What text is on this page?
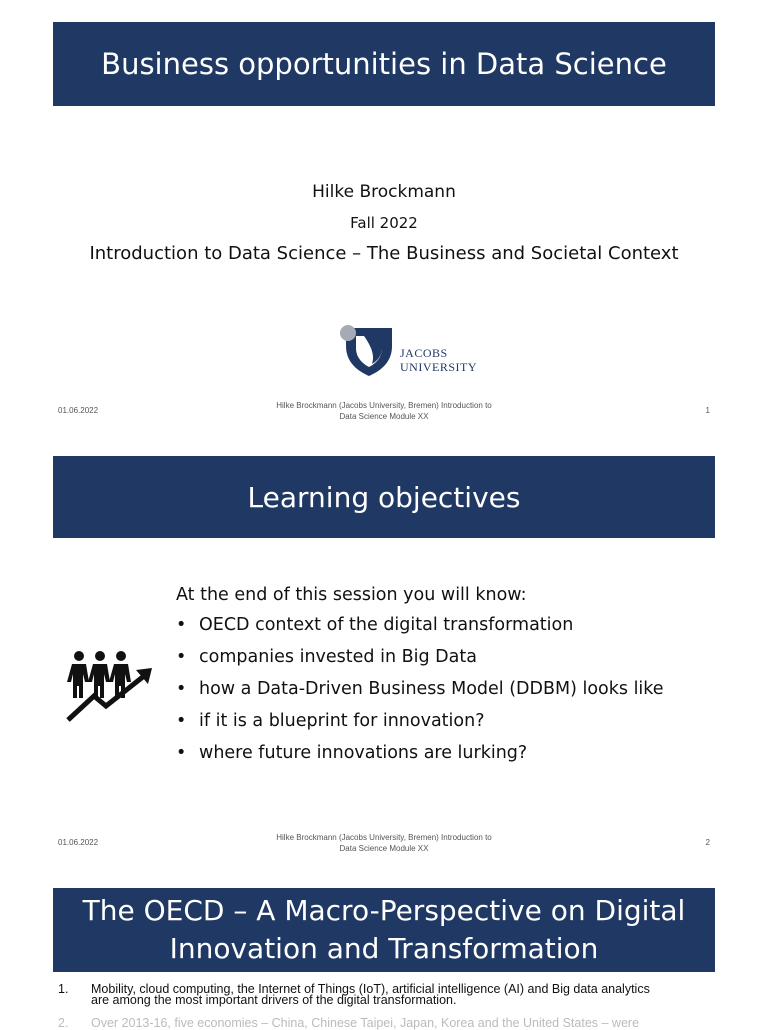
Business opportunities in Data Science
Hilke Brockmann
Fall 2022
Introduction to Data Science – The Business and Societal Context
JACOBS
UNIVERSITY
01.06.2022
Hilke Brockmann (Jacobs University, Bremen) Introduction to
Data Science Module XX
1
Learning objectives
At the end of this session you will know:
• OECD context of the digital transformation
• companies invested in Big Data
• how a Data-Driven Business Model (DDBM) looks like
• if it is a blueprint for innovation?
• where future innovations are lurking?
01.06.2022
Hilke Brockmann (Jacobs University, Bremen) Introduction to
Data Science Module XX
2
The OECD – A Macro-Perspective on Digital
Innovation and Transformation
1. Mobility, cloud computing, the Internet of Things (IoT), artificial intelligence (AI) and Big data analytics
are among the most important drivers of the digital transformation.
2. Over 2013-16, five economies – China, Chinese Taipei, Japan, Korea and the United States – were
